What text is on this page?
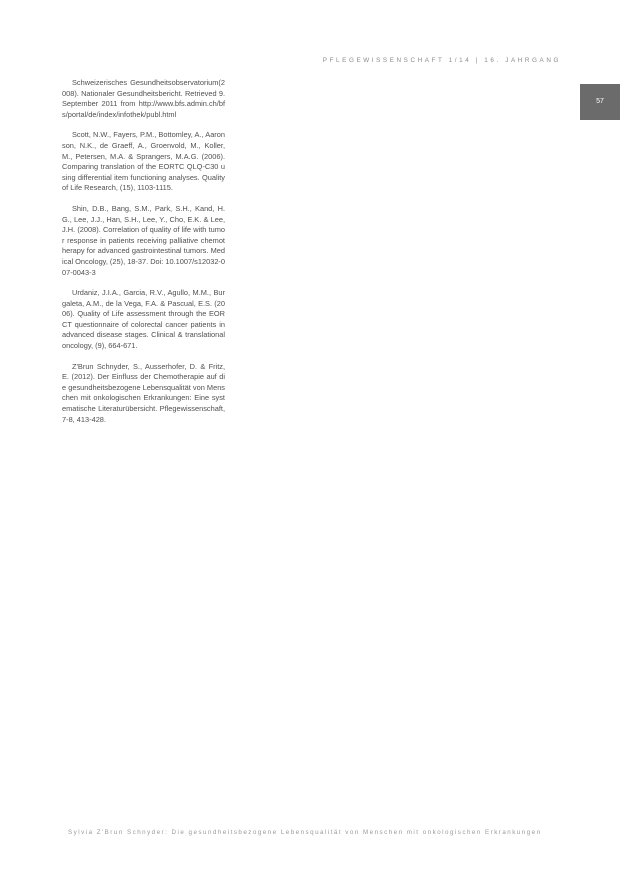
PFLEGEWISSENSCHAFT 1/14 | 16. JAHRGANG
57

Schweizerisches Gesundheitsobservatorium(2008). Nationaler Gesundheitsbericht. Retrieved 9. September 2011 from http://www.bfs.admin.ch/bfs/portal/de/index/infothek/publ.html

Scott, N.W., Fayers, P.M., Bottomley, A., Aaronson, N.K., de Graeff, A., Groenvold, M., Koller, M., Petersen, M.A. & Sprangers, M.A.G. (2006). Comparing translation of the EORTC QLQ-C30 using differential item functioning analyses. Quality of Life Research, (15), 1103-1115.

Shin, D.B., Bang, S.M., Park, S.H., Kand, H.G., Lee, J.J., Han, S.H., Lee, Y., Cho, E.K. & Lee, J.H. (2008). Correlation of quality of life with tumor response in patients receiving palliative chemotherapy for advanced gastrointestinal tumors. Medical Oncology, (25), 18-37. Doi: 10.1007/s12032-007-0043-3

Urdaniz, J.I.A., Garcia, R.V., Agullo, M.M., Burgaleta, A.M., de la Vega, F.A. & Pascual, E.S. (2006). Quality of Life assessment through the EORCT questionnaire of colorectal cancer patients in advanced disease stages. Clinical & translational oncology, (9), 664-671.

Z'Brun Schnyder, S., Ausserhofer, D. & Fritz, E. (2012). Der Einfluss der Chemotherapie auf die gesundheitsbezogene Lebensqualität von Menschen mit onkologischen Erkrankungen: Eine systematische Literaturübersicht. Pflegewissenschaft, 7-8, 413-428.

Sylvia Z'Brun Schnyder: Die gesundheitsbezogene Lebensqualität von Menschen mit onkologischen Erkrankungen
